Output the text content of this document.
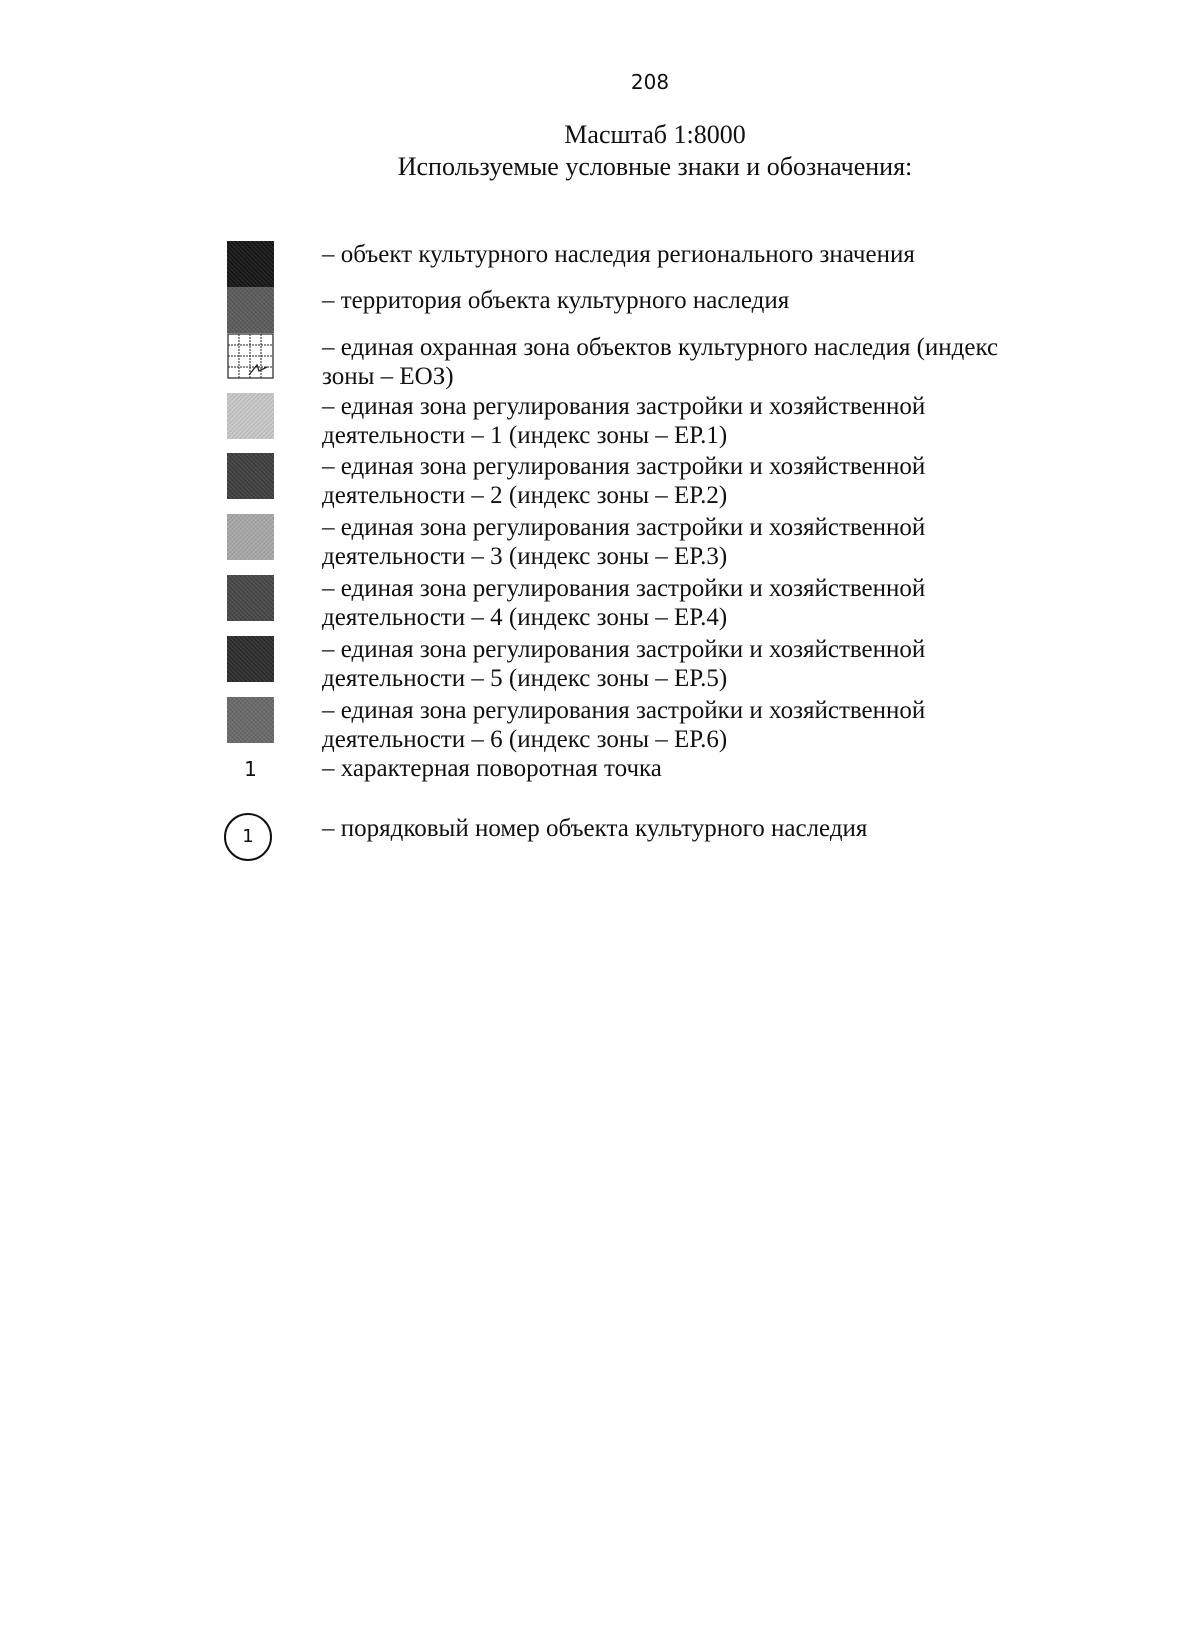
208
Масштаб 1:8000
Используемые условные знаки и обозначения:
– объект культурного наследия регионального значения
– территория объекта культурного наследия
– единая охранная зона объектов культурного наследия (индекс
зоны – ЕОЗ)
– единая зона регулирования застройки и хозяйственной
деятельности – 1 (индекс зоны – ЕР.1)
– единая зона регулирования застройки и хозяйственной
деятельности – 2 (индекс зоны – ЕР.2)
– единая зона регулирования застройки и хозяйственной
деятельности – 3 (индекс зоны – ЕР.3)
– единая зона регулирования застройки и хозяйственной
деятельности – 4 (индекс зоны – ЕР.4)
– единая зона регулирования застройки и хозяйственной
деятельности – 5 (индекс зоны – ЕР.5)
– единая зона регулирования застройки и хозяйственной
деятельности – 6 (индекс зоны – ЕР.6)
1	– характерная поворотная точка
1	– порядковый номер объекта культурного наследия
